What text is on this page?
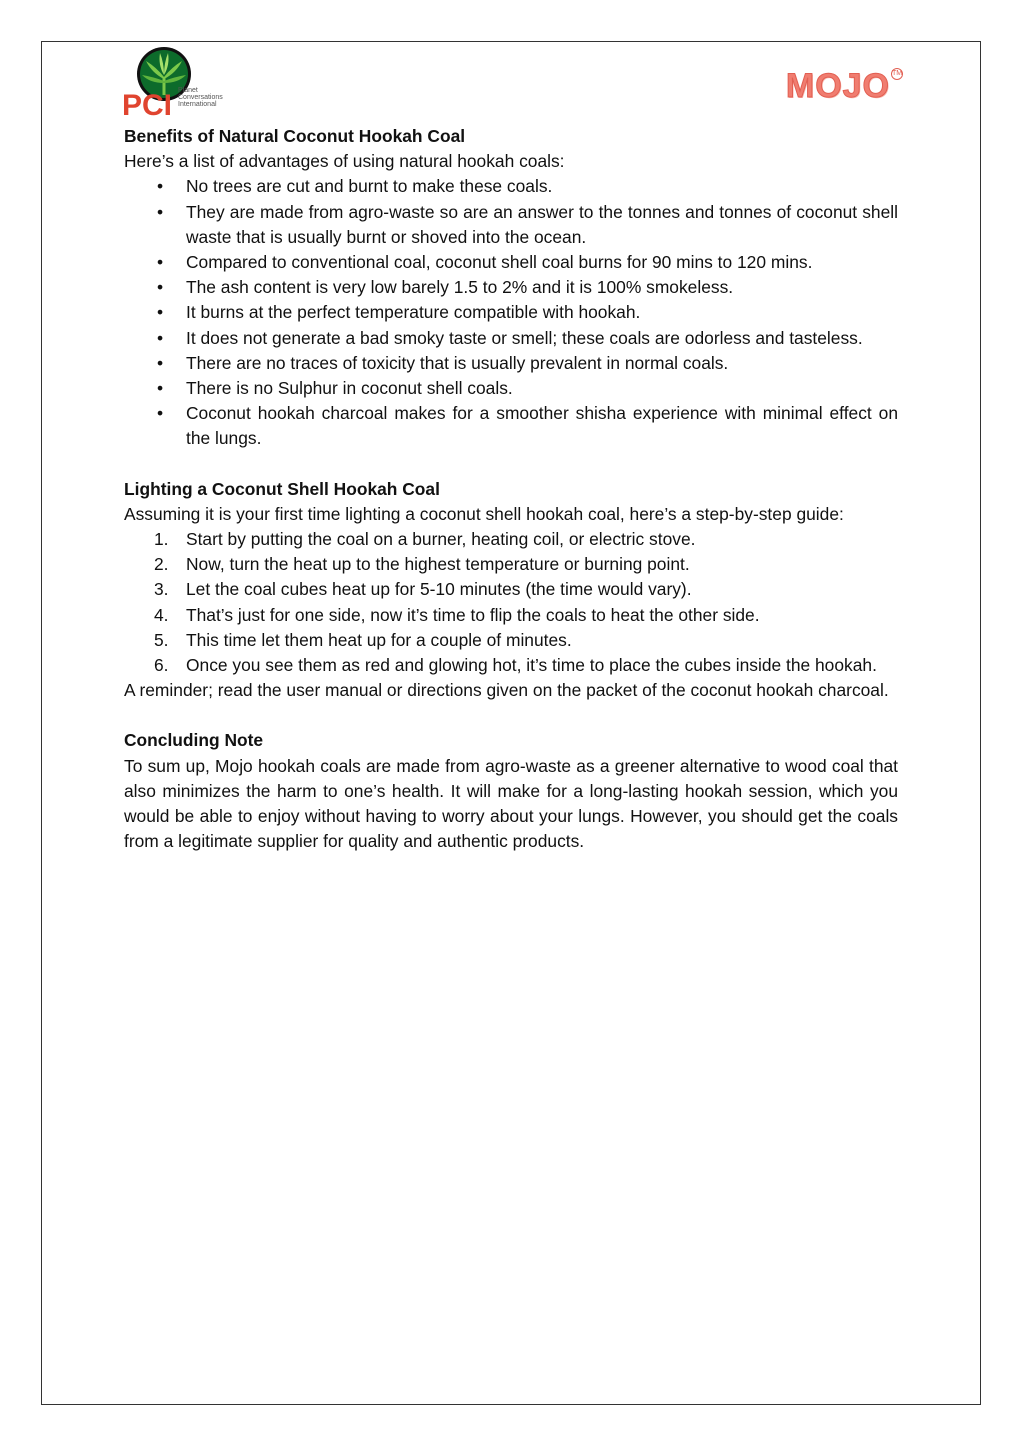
PCI Planet
Conversations
International	MOJO TM

Benefits of Natural Coconut Hookah Coal

Here’s a list of advantages of using natural hookah coals:

• No trees are cut and burnt to make these coals.
• They are made from agro-waste so are an answer to the tonnes and tonnes of coconut shell waste that is usually burnt or shoved into the ocean.
• Compared to conventional coal, coconut shell coal burns for 90 mins to 120 mins.
• The ash content is very low barely 1.5 to 2% and it is 100% smokeless.
• It burns at the perfect temperature compatible with hookah.
• It does not generate a bad smoky taste or smell; these coals are odorless and tasteless.
• There are no traces of toxicity that is usually prevalent in normal coals.
• There is no Sulphur in coconut shell coals.
• Coconut hookah charcoal makes for a smoother shisha experience with minimal effect on the lungs.

Lighting a Coconut Shell Hookah Coal

Assuming it is your first time lighting a coconut shell hookah coal, here’s a step-by-step guide:

1. Start by putting the coal on a burner, heating coil, or electric stove.
2. Now, turn the heat up to the highest temperature or burning point.
3. Let the coal cubes heat up for 5-10 minutes (the time would vary).
4. That’s just for one side, now it’s time to flip the coals to heat the other side.
5. This time let them heat up for a couple of minutes.
6. Once you see them as red and glowing hot, it’s time to place the cubes inside the hookah.

A reminder; read the user manual or directions given on the packet of the coconut hookah charcoal.

Concluding Note

To sum up, Mojo hookah coals are made from agro-waste as a greener alternative to wood coal that also minimizes the harm to one’s health. It will make for a long-lasting hookah session, which you would be able to enjoy without having to worry about your lungs. However, you should get the coals from a legitimate supplier for quality and authentic products.
